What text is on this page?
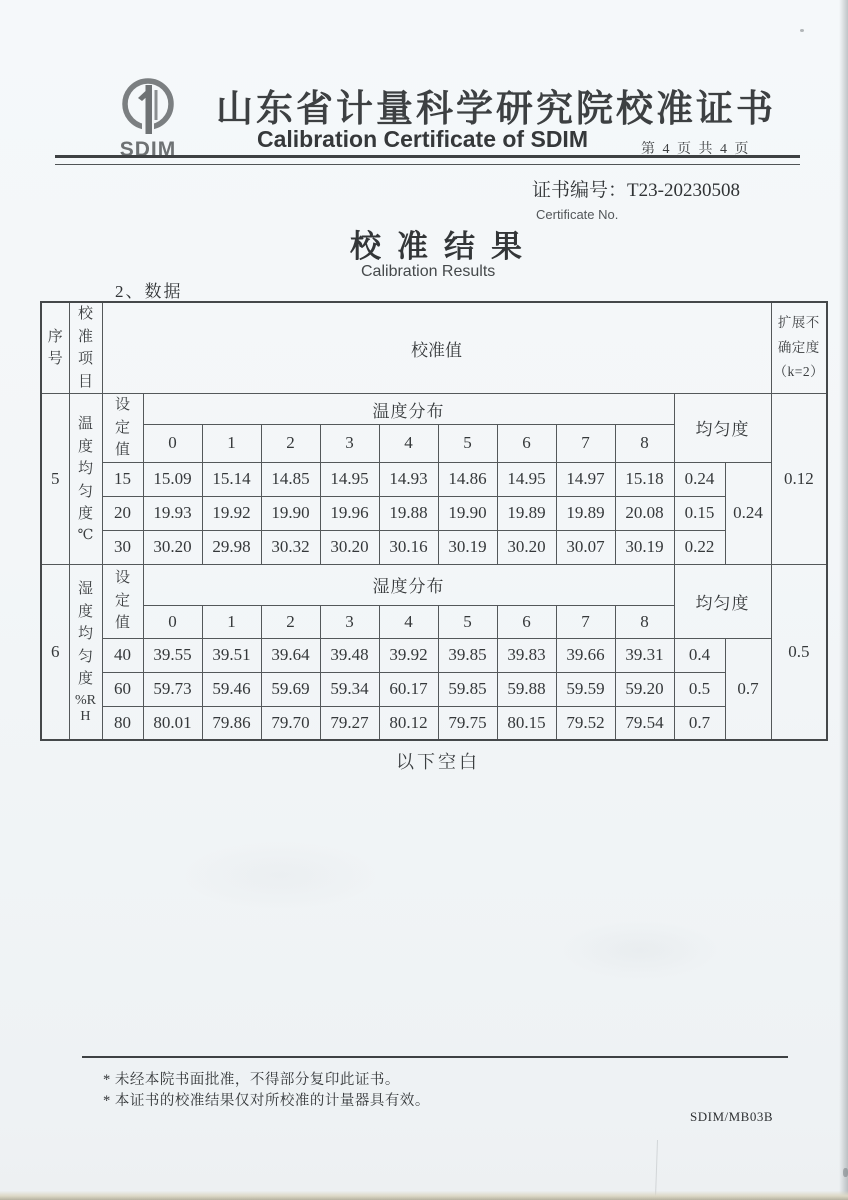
SDIM
山东省计量科学研究院校准证书
Calibration Certificate of SDIM	第 4 页 共 4 页
证书编号：T23-20230508
Certificate No.
校准结果
Calibration Results
2、数据
序号	校准项目	校准值												扩展不
确定度
（k=2）

5	温度均匀度
℃	设定值	温度分布									均匀度		0.12
			0	1	2	3	4	5	6	7	8			
		15	15.09	15.14	14.85	14.95	14.93	14.86	14.95	14.97	15.18	0.24	0.24	
		20	19.93	19.92	19.90	19.96	19.88	19.90	19.89	19.89	20.08	0.15		
		30	30.20	29.98	30.32	30.20	30.16	30.19	30.20	30.07	30.19	0.22		
6	湿度均匀度
%RH	设定值	湿度分布									均匀度		0.5
			0	1	2	3	4	5	6	7	8			
		40	39.55	39.51	39.64	39.48	39.92	39.85	39.83	39.66	39.31	0.4	0.7	
		60	59.73	59.46	59.69	59.34	60.17	59.85	59.88	59.59	59.20	0.5		
		80	80.01	79.86	79.70	79.27	80.12	79.75	80.15	79.52	79.54	0.7		
以下空白
* 未经本院书面批准，不得部分复印此证书。
* 本证书的校准结果仅对所校准的计量器具有效。
SDIM/MB03B
